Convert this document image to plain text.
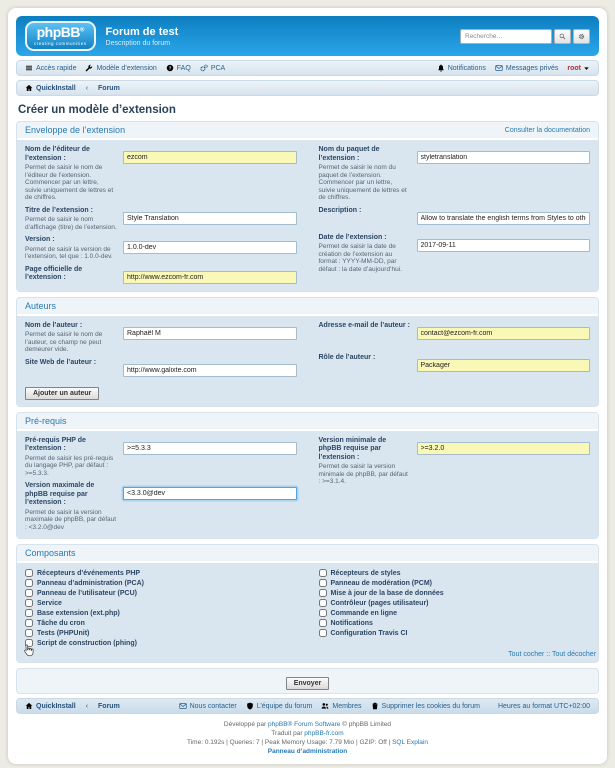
phpBB®
creating communities
Forum de test
Description du forum
Recherche…
Accès rapide	Modèle d’extension	FAQ	PCA	Notifications	Messages privés root
QuickInstall ‹ Forum
Créer un modèle d’extension
Enveloppe de l’extension	Consulter la documentation
Nom de l’éditeur de l’extension :
Permet de saisir le nom de l’éditeur de l’extension. Commencer par un lettre, suivie uniquement de lettres et de chiffres.
ezcom
Titre de l’extension :
Permet de saisir le nom d’affichage (titre) de l’extension.
Style Translation
Version :
Permet de saisir la version de l’extension, tel que : 1.0.0-dev.
1.0.0-dev
Page officielle de l’extension :
http://www.ezcom-fr.com
Nom du paquet de l’extension :
Permet de saisir le nom du paquet de l’extension. Commencer par un lettre, suivie uniquement de lettres et de chiffres.
styletranslation
Description :
Allow to translate the english terms from Styles to other la
Date de l’extension :
Permet de saisir la date de création de l’extension au format : YYYY-MM-DD, par défaut : la date d’aujourd’hui.
2017-09-11
Auteurs
Nom de l’auteur :
Permet de saisir le nom de l’auteur, ce champ ne peut demeurer vide.
Raphaël M
Site Web de l’auteur :
http://www.galixte.com
Ajouter un auteur
Adresse e-mail de l’auteur :
contact@ezcom-fr.com
Rôle de l’auteur :
Packager
Pré-requis
Pré-requis PHP de l’extension :
Permet de saisir les pré-requis du langage PHP, par défaut : >=5.3.3.
>=5.3.3
Version maximale de phpBB requise par l’extension :
Permet de saisir la version maximale de phpBB, par défaut : <3.2.0@dev
<3.3.0@dev
Version minimale de phpBB requise par l’extension :
Permet de saisir la version minimale de phpBB, par défaut : >=3.1.4.
>=3.2.0
Composants
Récepteurs d’événements PHP
Panneau d’administration (PCA)
Panneau de l’utilisateur (PCU)
Service
Base extension (ext.php)
Tâche du cron
Tests (PHPUnit)
Script de construction (phing)
Récepteurs de styles
Panneau de modération (PCM)
Mise à jour de la base de données
Contrôleur (pages utilisateur)
Commande en ligne
Notifications
Configuration Travis CI
Tout cocher :: Tout décocher
Envoyer
QuickInstall ‹ Forum	Nous contacter	L’équipe du forum	Membres	Supprimer les cookies du forum	Heures au format UTC+02:00
Développé par phpBB® Forum Software © phpBB Limited
Traduit par phpBB-fr.com
Time: 0.192s | Queries: 7 | Peak Memory Usage: 7.79 Mio | GZIP: Off | SQL Explain
Panneau d’administration
